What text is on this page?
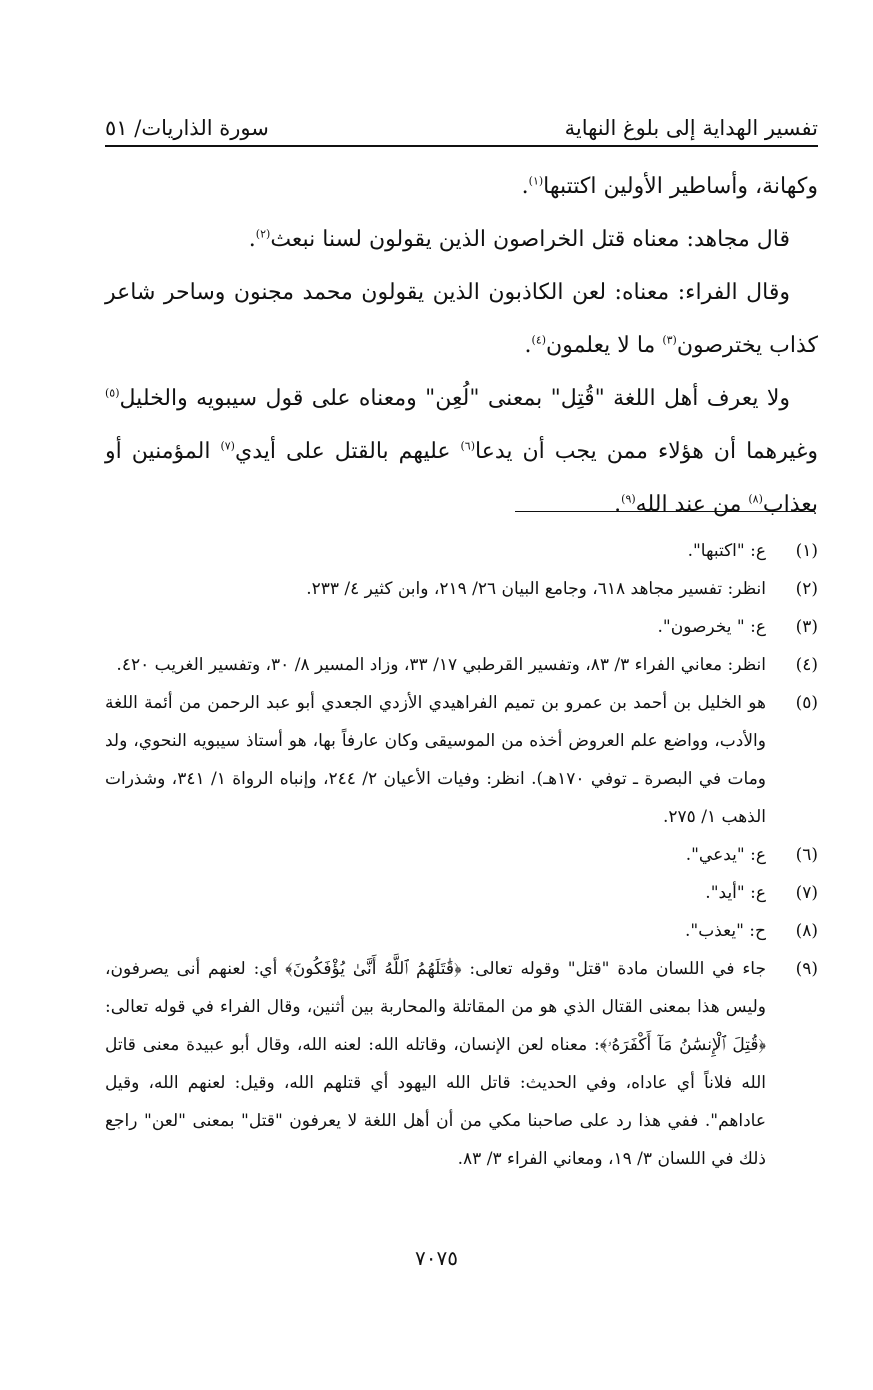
تفسير الهداية إلى بلوغ النهاية
سورة الذاريات/ ٥١

وكهانة، وأساطير الأولين اكتتبها$^{(١)}$.

قال مجاهد: معناه قتل الخراصون الذين يقولون لسنا نبعث$^{(٢)}$.

وقال الفراء: معناه: لعن الكاذبون الذين يقولون محمد مجنون وساحر شاعر كذاب يخترصون$^{(٣)}$ ما لا يعلمون$^{(٤)}$.

ولا يعرف أهل اللغة "قُتِل" بمعنى "لُعِن" ومعناه على قول سيبويه والخليل$^{(٥)}$ وغيرهما أن هؤلاء ممن يجب أن يدعا$^{(٦)}$ عليهم بالقتل على أيدي$^{(٧)}$ المؤمنين أو بعذاب$^{(٨)}$ من عند الله$^{(٩)}$.

(١)
ع: "اكتبها".
(٢)
انظر: تفسير مجاهد ٦١٨، وجامع البيان ٢٦/ ٢١٩، وابن كثير ٤/ ٢٣٣.
(٣)
ع: " يخرصون".
(٤)
انظر: معاني الفراء ٣/ ٨٣، وتفسير القرطبي ١٧/ ٣٣، وزاد المسير ٨/ ٣٠، وتفسير الغريب ٤٢٠.
(٥)
هو الخليل بن أحمد بن عمرو بن تميم الفراهيدي الأزدي الجعدي أبو عبد الرحمن من أئمة اللغة والأدب، وواضع علم العروض أخذه من الموسيقى وكان عارفاً بها، هو أستاذ سيبويه النحوي، ولد ومات في البصرة ـ توفي ١٧٠هـ). انظر: وفيات الأعيان ٢/ ٢٤٤، وإنباه الرواة ١/ ٣٤١، وشذرات الذهب ١/ ٢٧٥.
(٦)
ع: "يدعي".
(٧)
ع: "أيد".
(٨)
ح: "يعذب".
(٩)
جاء في اللسان مادة "قتل" وقوله تعالى: ﴿قَٰتَلَهُمُ ٱللَّهُ أَنَّىٰ يُؤْفَكُونَ﴾ أي: لعنهم أنى يصرفون، وليس هذا بمعنى القتال الذي هو من المقاتلة والمحاربة بين أثنين، وقال الفراء في قوله تعالى: ﴿قُتِلَ ٱلْإِنسَٰنُ مَآ أَكْفَرَهُۥ﴾: معناه لعن الإنسان، وقاتله الله: لعنه الله، وقال أبو عبيدة معنى قاتل الله فلاناً أي عاداه، وفي الحديث: قاتل الله اليهود أي قتلهم الله، وقيل: لعنهم الله، وقيل عاداهم". ففي هذا رد على صاحبنا مكي من أن أهل اللغة لا يعرفون "قتل" بمعنى "لعن" راجع ذلك في اللسان ٣/ ١٩، ومعاني الفراء ٣/ ٨٣.
٧٠٧٥
